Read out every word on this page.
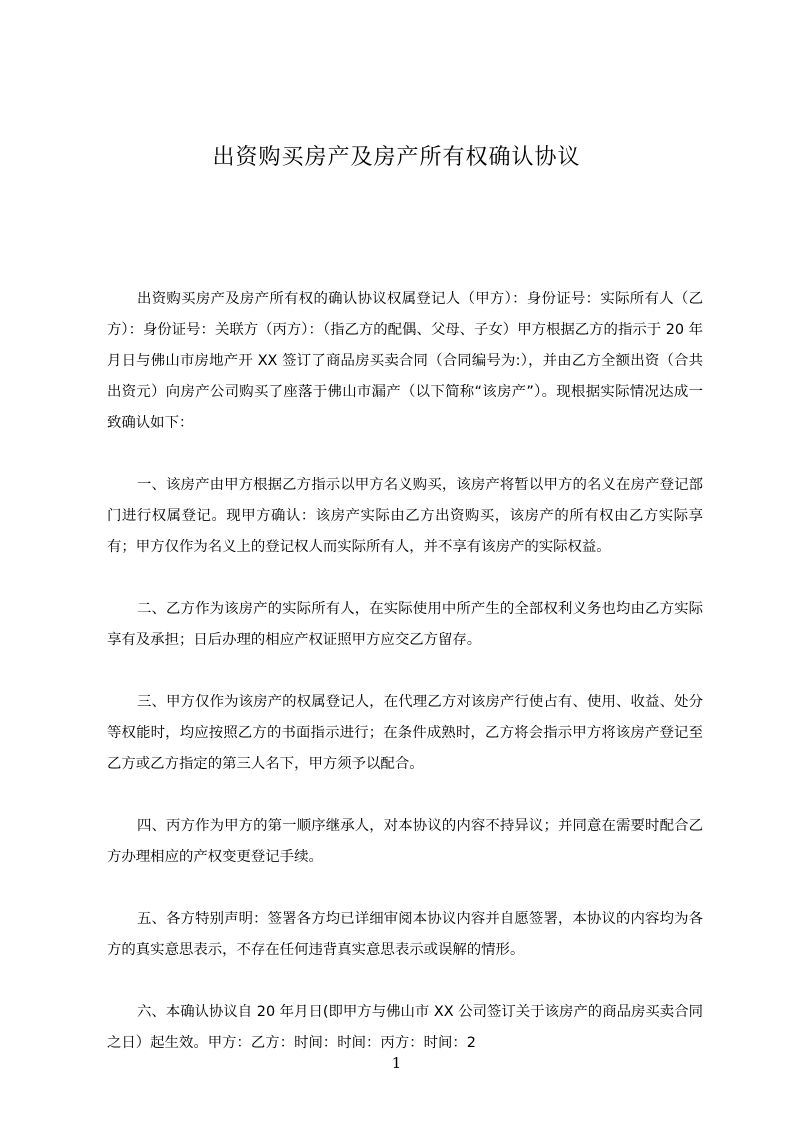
出资购买房产及房产所有权确认协议

出资购买房产及房产所有权的确认协议权属登记人（甲方）：身份证号：实际所有人（乙方）：身份证号：关联方（丙方）：（指乙方的配偶、父母、子女）甲方根据乙方的指示于 20 年月日与佛山市房地产开 XX 签订了商品房买卖合同（合同编号为:），并由乙方全额出资（合共出资元）向房产公司购买了座落于佛山市漏产（以下简称“该房产”）。现根据实际情况达成一致确认如下：

一、该房产由甲方根据乙方指示以甲方名义购买，该房产将暂以甲方的名义在房产登记部门进行权属登记。现甲方确认：该房产实际由乙方出资购买，该房产的所有权由乙方实际享有；甲方仅作为名义上的登记权人而实际所有人，并不享有该房产的实际权益。

二、乙方作为该房产的实际所有人，在实际使用中所产生的全部权利义务也均由乙方实际享有及承担；日后办理的相应产权证照甲方应交乙方留存。

三、甲方仅作为该房产的权属登记人，在代理乙方对该房产行使占有、使用、收益、处分等权能时，均应按照乙方的书面指示进行；在条件成熟时，乙方将会指示甲方将该房产登记至乙方或乙方指定的第三人名下，甲方须予以配合。

四、丙方作为甲方的第一顺序继承人，对本协议的内容不持异议；并同意在需要时配合乙方办理相应的产权变更登记手续。

五、各方特别声明：签署各方均已详细审阅本协议内容并自愿签署，本协议的内容均为各方的真实意思表示，不存在任何违背真实意思表示或误解的情形。

六、本确认协议自 20 年月日(即甲方与佛山市 XX 公司签订关于该房产的商品房买卖合同之日）起生效。甲方：乙方：时间：时间：丙方：时间：2

1
